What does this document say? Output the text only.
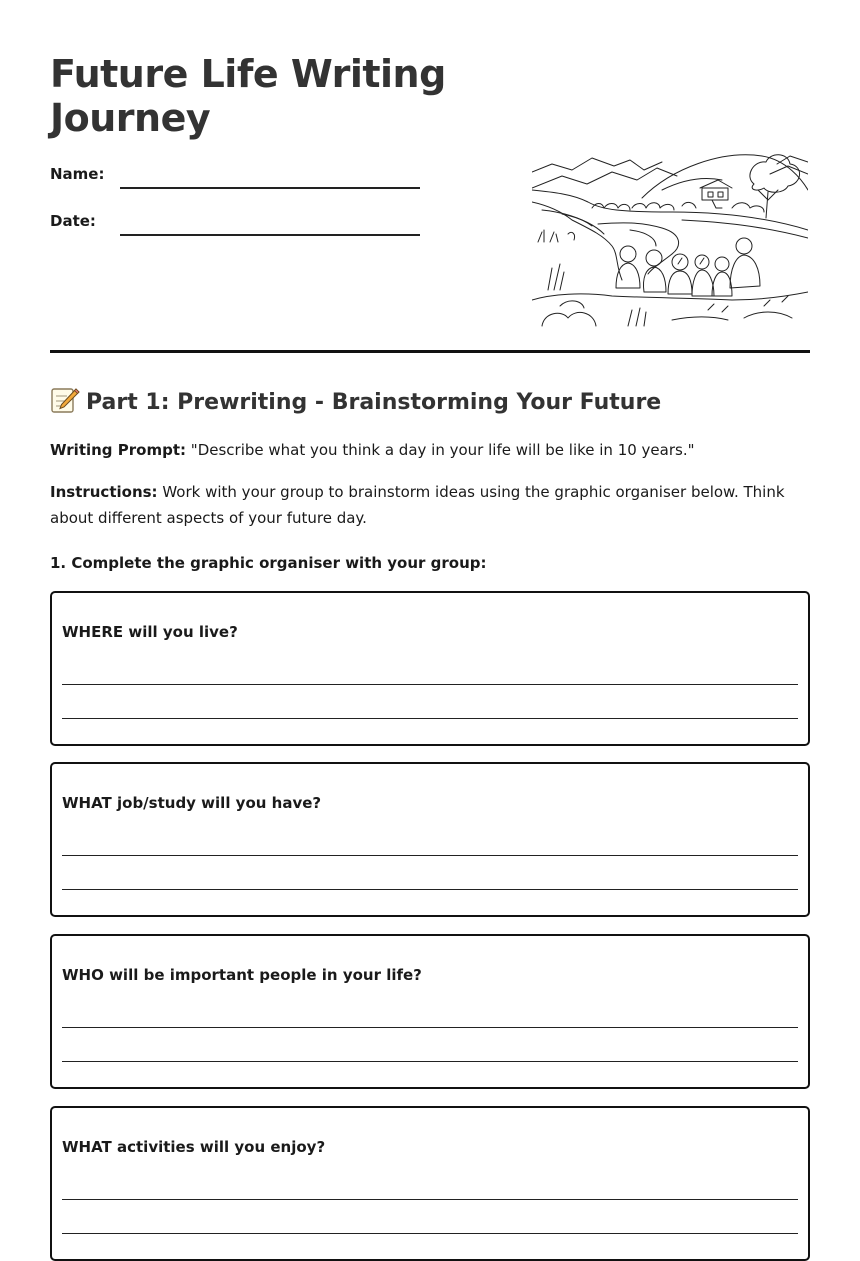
Future Life Writing Journey
Name:
Date:
Part 1: Prewriting - Brainstorming Your Future

Writing Prompt: "Describe what you think a day in your life will be like in 10 years."

Instructions: Work with your group to brainstorm ideas using the graphic organiser below. Think about different aspects of your future day.

1. Complete the graphic organiser with your group:

WHERE will you live?
WHAT job/study will you have?
WHO will be important people in your life?
WHAT activities will you enjoy?
